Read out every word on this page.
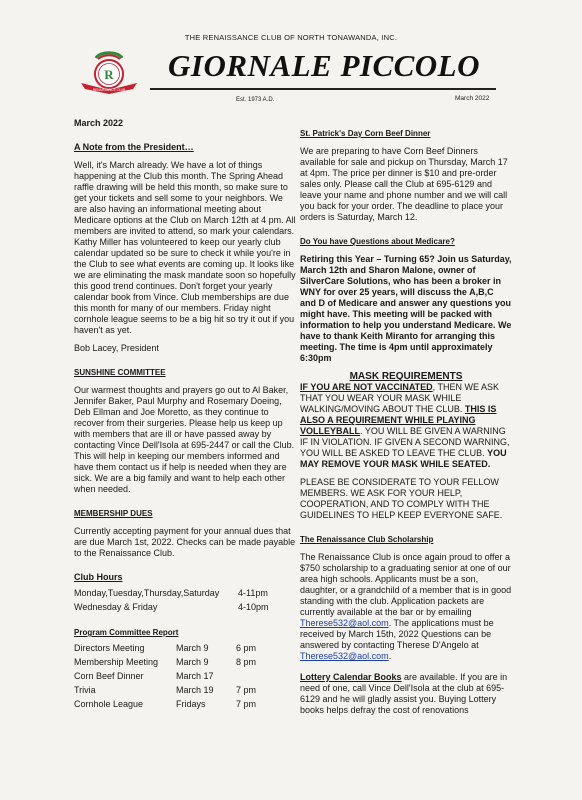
THE RENAISSANCE CLUB OF NORTH TONAWANDA, INC.
R
RENAISSANCE CLUB
GIORNALE PICCOLO
Est. 1973 A.D.	March 2022

March 2022

A Note from the President…

Well, it's March already. We have a lot of things happening at the Club this month. The Spring Ahead raffle drawing will be held this month, so make sure to get your tickets and sell some to your neighbors. We are also having an informational meeting about Medicare options at the Club on March 12th at 4 pm. All members are invited to attend, so mark your calendars. Kathy Miller has volunteered to keep our yearly club calendar updated so be sure to check it while you're in the Club to see what events are coming up. It looks like we are eliminating the mask mandate soon so hopefully this good trend continues. Don't forget your yearly calendar book from Vince. Club memberships are due this month for many of our members. Friday night cornhole league seems to be a big hit so try it out if you haven't as yet.

Bob Lacey, President

SUNSHINE COMMITTEE

Our warmest thoughts and prayers go out to Al Baker, Jennifer Baker, Paul Murphy and Rosemary Doeing, Deb Ellman and Joe Moretto, as they continue to recover from their surgeries. Please help us keep up with members that are ill or have passed away by contacting Vince Dell'Isola at 695-2447 or call the Club. This will help in keeping our members informed and have them contact us if help is needed when they are sick. We are a big family and want to help each other when needed.

MEMBERSHIP DUES

Currently accepting payment for your annual dues that are due March 1st, 2022. Checks can be made payable to the Renaissance Club.

Club Hours

Monday,Tuesday,Thursday,Saturday	4-11pm
Wednesday & Friday	4-10pm

Program Committee Report

Directors Meeting	March 9	6 pm
Membership Meeting	March 9	8 pm
Corn Beef Dinner	March 17
Trivia	March 19	7 pm
Cornhole League	Fridays	7 pm

St. Patrick's Day Corn Beef Dinner

We are preparing to have Corn Beef Dinners available for sale and pickup on Thursday, March 17 at 4pm. The price per dinner is $10 and pre-order sales only. Please call the Club at 695-6129 and leave your name and phone number and we will call you back for your order. The deadline to place your orders is Saturday, March 12.

Do You have Questions about Medicare?

Retiring this Year – Turning 65? Join us Saturday, March 12th and Sharon Malone, owner of SilverCare Solutions, who has been a broker in WNY for over 25 years, will discuss the A,B,C and D of Medicare and answer any questions you might have. This meeting will be packed with information to help you understand Medicare. We have to thank Keith Miranto for arranging this meeting. The time is 4pm until approximately 6:30pm

MASK REQUIREMENTS

IF YOU ARE NOT VACCINATED, THEN WE ASK THAT YOU WEAR YOUR MASK WHILE WALKING/MOVING ABOUT THE CLUB. THIS IS ALSO A REQUIREMENT WHILE PLAYING VOLLEYBALL. YOU WILL BE GIVEN A WARNING IF IN VIOLATION. IF GIVEN A SECOND WARNING, YOU WILL BE ASKED TO LEAVE THE CLUB. YOU MAY REMOVE YOUR MASK WHILE SEATED.

PLEASE BE CONSIDERATE TO YOUR FELLOW MEMBERS. WE ASK FOR YOUR HELP, COOPERATION, AND TO COMPLY WITH THE GUIDELINES TO HELP KEEP EVERYONE SAFE.

The Renaissance Club Scholarship

The Renaissance Club is once again proud to offer a $750 scholarship to a graduating senior at one of our area high schools. Applicants must be a son, daughter, or a grandchild of a member that is in good standing with the club. Application packets are currently available at the bar or by emailing Therese532@aol.com. The applications must be received by March 15th, 2022 Questions can be answered by contacting Therese D'Angelo at Therese532@aol.com.

Lottery Calendar Books are available. If you are in need of one, call Vince Dell'Isola at the club at 695-6129 and he will gladly assist you. Buying Lottery books helps defray the cost of renovations
